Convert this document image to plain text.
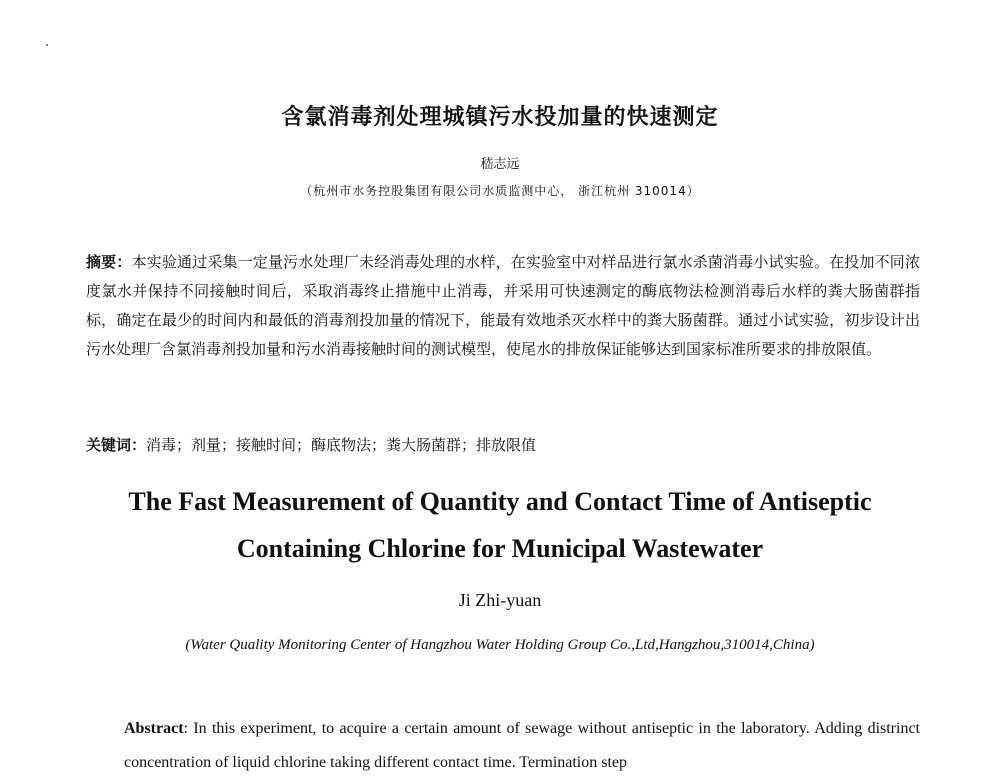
含氯消毒剂处理城镇污水投加量的快速测定
嵇志远
（杭州市水务控股集团有限公司水质监测中心， 浙江杭州 310014）
摘要：本实验通过采集一定量污水处理厂未经消毒处理的水样，在实验室中对样品进行氯水杀菌消毒小试实验。在投加不同浓度氯水并保持不同接触时间后，采取消毒终止措施中止消毒，并采用可快速测定的酶底物法检测消毒后水样的粪大肠菌群指标，确定在最少的时间内和最低的消毒剂投加量的情况下，能最有效地杀灭水样中的粪大肠菌群。通过小试实验，初步设计出污水处理厂含氯消毒剂投加量和污水消毒接触时间的测试模型，使尾水的排放保证能够达到国家标准所要求的排放限值。
关键词：消毒；剂量；接触时间；酶底物法；粪大肠菌群；排放限值
The Fast Measurement of Quantity and Contact Time of Antiseptic
Containing Chlorine for Municipal Wastewater
Ji Zhi-yuan
(Water Quality Monitoring Center of Hangzhou Water Holding Group Co.,Ltd,Hangzhou,310014,China)
Abstract: In this experiment, to acquire a certain amount of sewage without antiseptic in the laboratory. Adding distrinct concentration of liquid chlorine taking different contact time. Termination step
